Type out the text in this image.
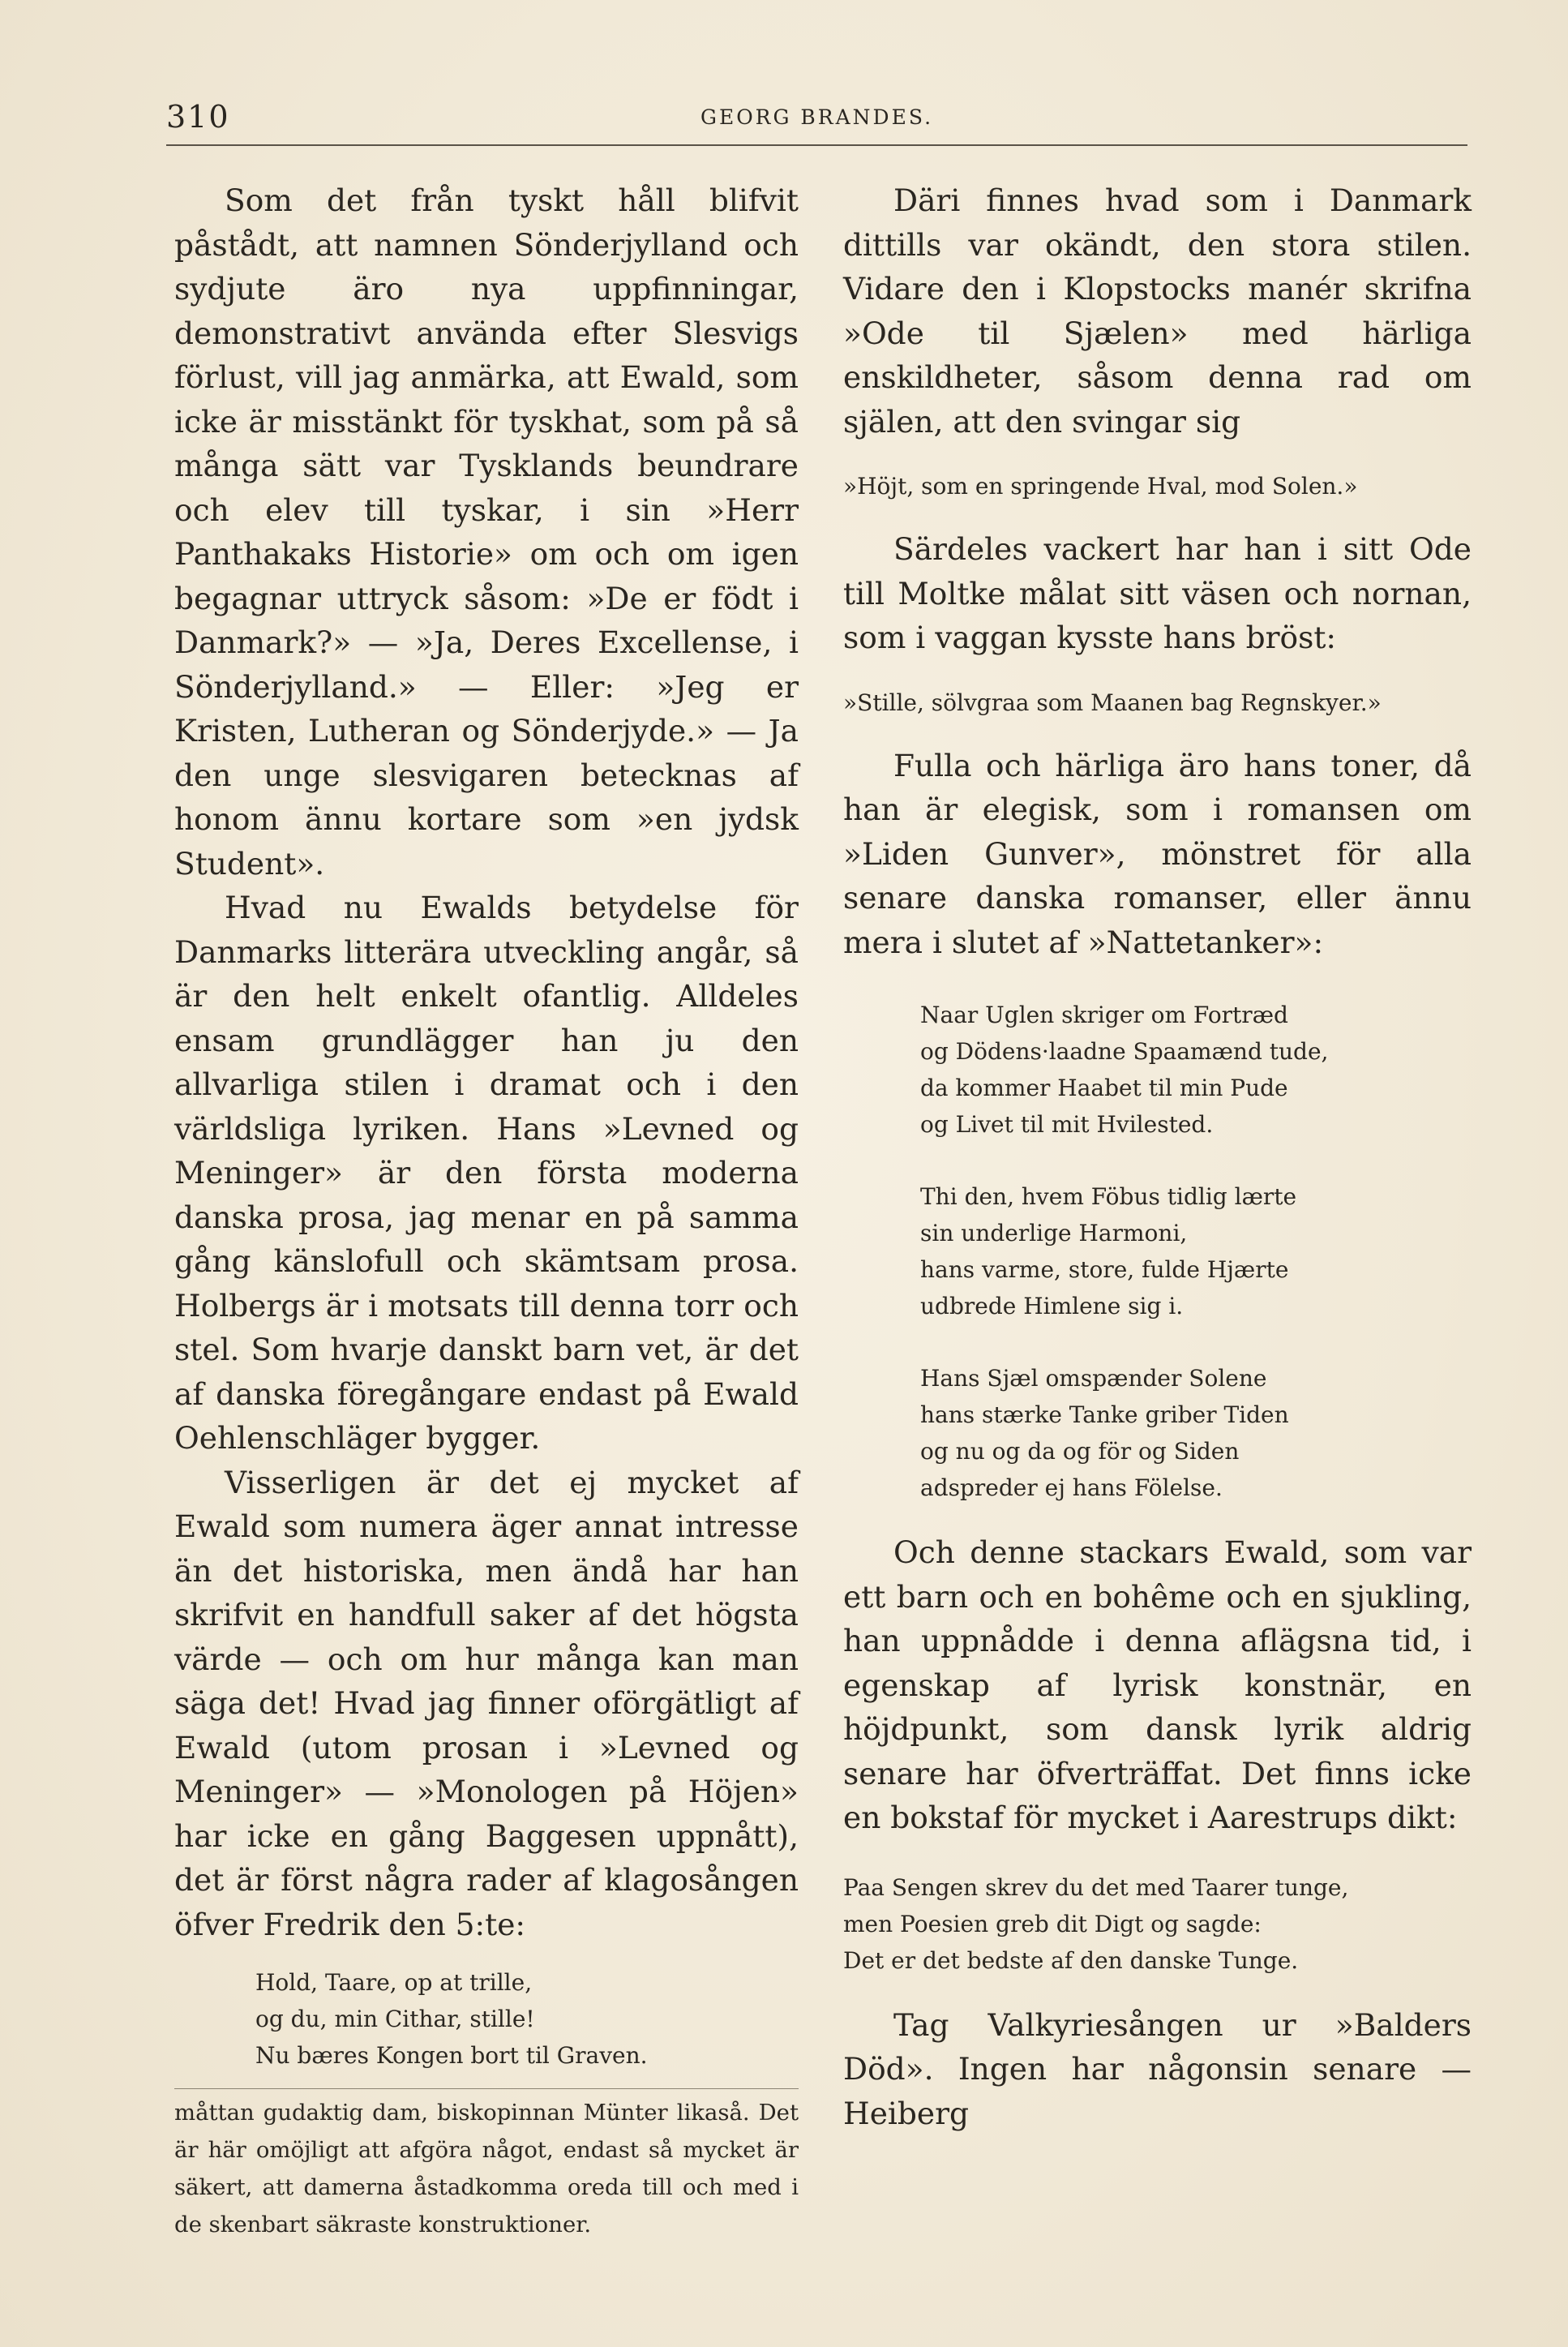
310	GEORG BRANDES.

Som det från tyskt håll blifvit påstådt, att namnen Sönderjylland och sydjute äro nya uppfinningar, demonstrativt använda efter Slesvigs förlust, vill jag anmärka, att Ewald, som icke är misstänkt för tyskhat, som på så många sätt var Tysklands beundrare och elev till tyskar, i sin »Herr Panthakaks Historie» om och om igen begagnar uttryck såsom: »De er födt i Danmark?» — »Ja, Deres Excellense, i Sönderjylland.» — Eller: »Jeg er Kristen, Lutheran og Sönderjyde.» — Ja den unge slesvigaren betecknas af honom ännu kortare som »en jydsk Student».

Hvad nu Ewalds betydelse för Danmarks litterära utveckling angår, så är den helt enkelt ofantlig. Alldeles ensam grundlägger han ju den allvarliga stilen i dramat och i den världsliga lyriken. Hans »Levned og Meninger» är den första moderna danska prosa, jag menar en på samma gång känslofull och skämtsam prosa. Holbergs är i motsats till denna torr och stel. Som hvarje danskt barn vet, är det af danska föregångare endast på Ewald Oehlenschläger bygger.

Visserligen är det ej mycket af Ewald som numera äger annat intresse än det historiska, men ändå har han skrifvit en handfull saker af det högsta värde — och om hur många kan man säga det! Hvad jag finner oförgätligt af Ewald (utom prosan i »Levned og Meninger» — »Monologen på Höjen» har icke en gång Baggesen uppnått), det är först några rader af klagosången öfver Fredrik den 5:te:

Hold, Taare, op at trille,
og du, min Cithar, stille!
Nu bæres Kongen bort til Graven.

måttan gudaktig dam, biskopinnan Münter likaså. Det är här omöjligt att afgöra något, endast så mycket är säkert, att damerna åstadkomma oreda till och med i de skenbart säkraste konstruktioner.

Däri finnes hvad som i Danmark dittills var okändt, den stora stilen. Vidare den i Klopstocks manér skrifna »Ode til Sjælen» med härliga enskildheter, såsom denna rad om själen, att den svingar sig

»Höjt, som en springende Hval, mod Solen.»

Särdeles vackert har han i sitt Ode till Moltke målat sitt väsen och nornan, som i vaggan kysste hans bröst:

»Stille, sölvgraa som Maanen bag Regnskyer.»

Fulla och härliga äro hans toner, då han är elegisk, som i romansen om »Liden Gunver», mönstret för alla senare danska romanser, eller ännu mera i slutet af »Nattetanker»:

Naar Uglen skriger om Fortræd
og Dödens·laadne Spaamænd tude,
da kommer Haabet til min Pude
og Livet til mit Hvilested.
Thi den, hvem Föbus tidlig lærte
sin underlige Harmoni,
hans varme, store, fulde Hjærte
udbrede Himlene sig i.
Hans Sjæl omspænder Solene
hans stærke Tanke griber Tiden
og nu og da og för og Siden
adspreder ej hans Fölelse.

Och denne stackars Ewald, som var ett barn och en bohême och en sjukling, han uppnådde i denna aflägsna tid, i egenskap af lyrisk konstnär, en höjdpunkt, som dansk lyrik aldrig senare har öfverträffat. Det finns icke en bokstaf för mycket i Aarestrups dikt:

Paa Sengen skrev du det med Taarer tunge,
men Poesien greb dit Digt og sagde:
Det er det bedste af den danske Tunge.

Tag Valkyriesången ur »Balders Död». Ingen har någonsin senare — Heiberg
